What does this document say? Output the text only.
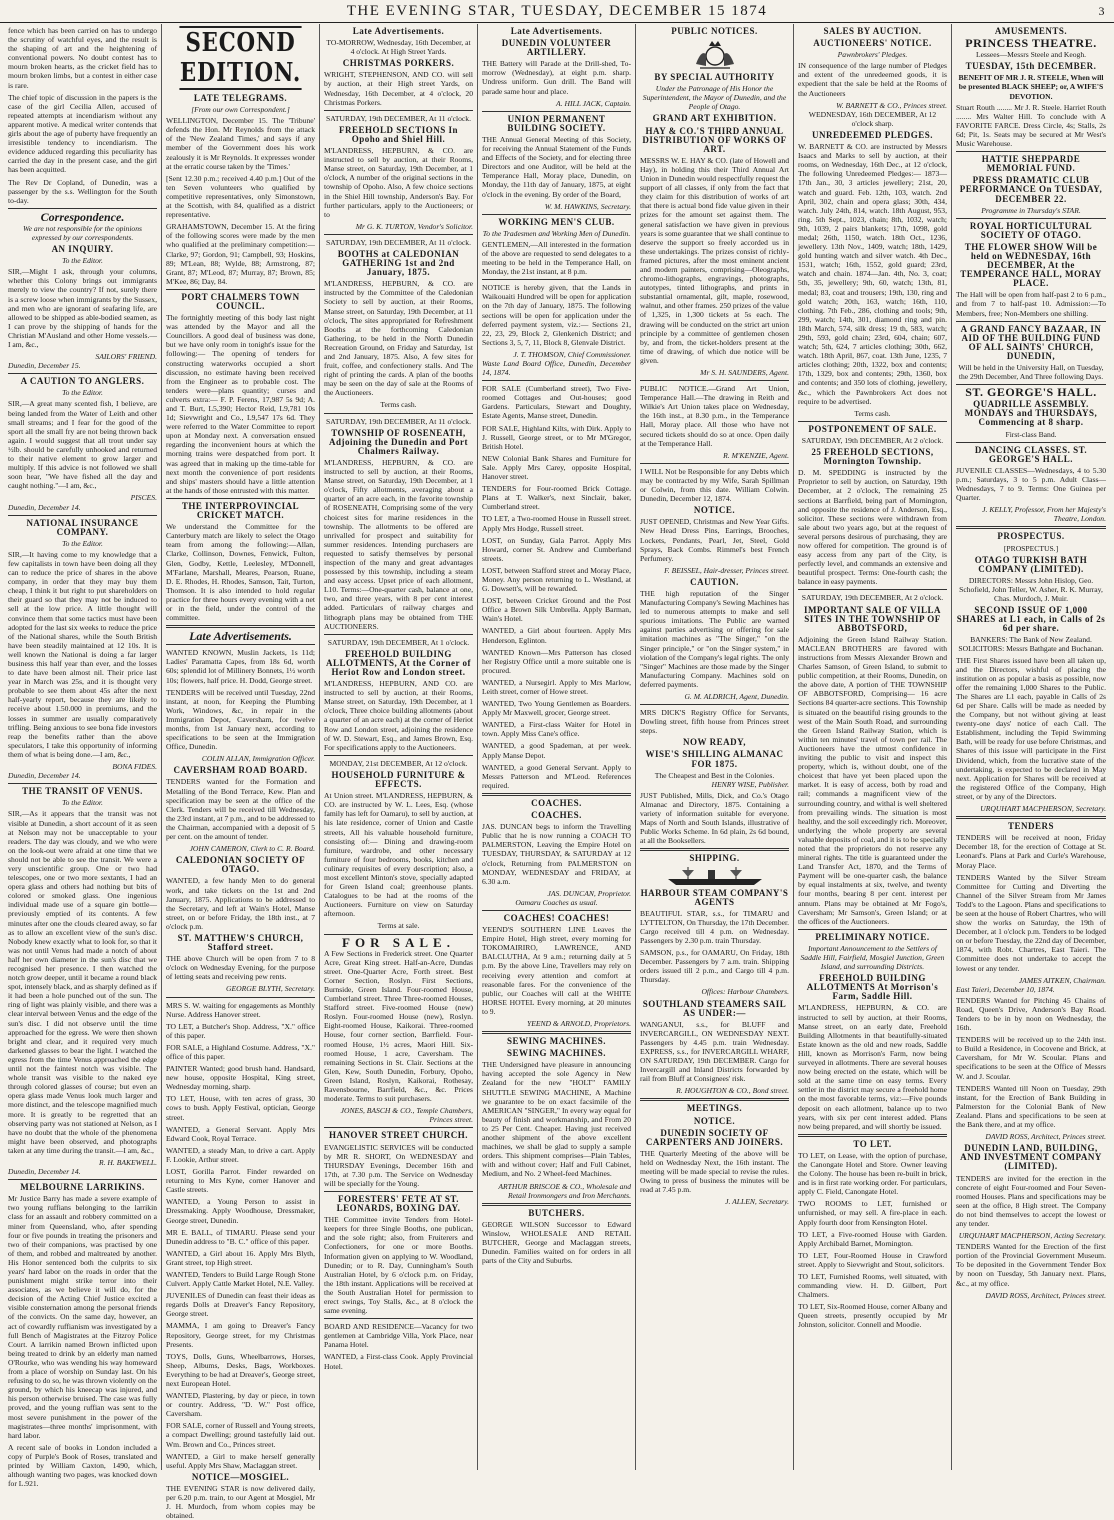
THE EVENING STAR, TUESDAY, DECEMBER 15 1874	3

fence which has been carried on has to undergo the scrutiny of watchful eyes, and the result is the shaping of art and the heightening of conventional powers. No doubt contest has to mourn broken hearts, as the cricket field has to mourn broken limbs, but a contest in either case is rare.

The chief topic of discussion in the papers is the case of the girl Cecilia Allen, accused of repeated attempts at incendiarism without any apparent motive. A medical writer contends that girls about the age of puberty have frequently an irresistible tendency to incendiarism. The evidence adduced regarding this peculiarity has carried the day in the present case, and the girl has been acquitted.

The Rev Dr Copland, of Dunedin, was a passenger by the s.s. Wellington for the South to-day.

Correspondence.
We are not responsible for the opinions expressed by our correspondents.
AN INQUIRY.
To the Editor.

SIR,—Might I ask, through your columns, whether this Colony brings out immigrants merely to view the country? If not, surely there is a screw loose when immigrants by the Sussex, and men who are ignorant of seafaring life, are allowed to be shipped as able-bodied seamen, as I can prove by the shipping of hands for the Christian M'Ausland and other Home vessels.—I am, &c.,

SAILORS' FRIEND.
Dunedin, December 15.
A CAUTION TO ANGLERS.
To the Editor.

SIR,—A great many scented fish, I believe, are being landed from the Water of Leith and other small streams; and I fear for the good of the sport all the small fry are not being thrown back again. I would suggest that all trout under say ½lb. should be carefully unhooked and returned to their native element to grow larger and multiply. If this advice is not followed we shall soon hear, "We have fished all the day and caught nothing."—I am, &c.,

PISCES.
Dunedin, December 14.
NATIONAL INSURANCE COMPANY.
To the Editor.

SIR,—It having come to my knowledge that a few capitalists in town have been doing all they can to reduce the price of shares in the above company, in order that they may buy them cheap, I think it but right to put shareholders on their guard so that they may not be induced to sell at the low price. A little thought will convince them that some tactics must have been adopted for the last six weeks to reduce the price of the National shares, while the South British have been steadily maintained at 12 10s. It is well known the National is doing a far larger business this half year than ever, and the losses to date have been almost nil. Their price last year in March was 25s, and it is thought very probable to see them about 45s after the next half-yearly report, because they are likely to receive about 1.50.000 in premiums, and the losses in summer are usually comparatively trifling. Being anxious to see bona fide investors reap the benefits rather than the above speculators, I take this opportunity of informing them of what is being done.—I am, &c.,

BONA FIDES.
Dunedin, December 14.
THE TRANSIT OF VENUS.
To the Editor.

SIR,—As it appears that the transit was not visible at Dunedin, a short account of it as seen at Nelson may not be unacceptable to your readers. The day was cloudy, and we who were on the look-out were afraid at one time that we should not be able to see the transit. We were a very unscientific group. One or two had telescopes, one or two more sextants, I had an opera glass and others had nothing but bits of colored or smoked glass. One ingenious individual made use of a square gin bottle—previously emptied of its contents. A few minutes after one the clouds cleared away, so far as to allow an excellent view of the sun's disc. Nobody knew exactly what to look for, so that it was not until Venus had made a notch of about half her own diameter in the sun's disc that we recognised her presence. I then watched the notch grow deeper, until it became a round black spot, intensely black, and as sharply defined as if it had been a hole punched out of the sun. The ring of light was plainly visible, and there was a clear interval between Venus and the edge of the sun's disc. I did not observe until the time approached for the egress. We were then shown bright and clear, and it required very much darkened glasses to bear the light. I watched the egress from the time Venus approached the edge until not the faintest notch was visible. The whole transit was visible to the naked eye through colored glasses of course; but even an opera glass made Venus look much larger and more distinct, and the telescope magnified much more. It is greatly to be regretted that an observing party was not stationed at Nelson, as I have no doubt that the whole of the phenomena might have been observed, and photographs taken at any time during the transit.—I am, &c.,

R. H. BAKEWELL.
Dunedin, December 14.
MELBOURNE LARRIKINS.

Mr Justice Barry has made a severe example of two young ruffians belonging to the larrikin class for an assault and robbery committed on a miner from Queensland, who, after spending four or five pounds in treating the prisoners and two of their companions, was practised by one of them, and robbed and maltreated by another. His Honor sentenced both the culprits to six years' hard labor on the roads in order that the punishment might strike terror into their associates, as we believe it will do, for the decision of the Acting Chief Justice excited a visible consternation among the personal friends of the convicts. On the same day, however, an act of cowardly ruffianism was investigated by a full Bench of Magistrates at the Fitzroy Police Court. A larrikin named Brown inflicted upon being treated to drink by an elderly man named O'Rourke, who was wending his way homeward from a place of worship on Sunday last. On his refusing to do so, he was thrown violently on the ground, by which his kneecap was injured, and his person otherwise bruised. The case was fully proved, and the young ruffian was sent to the most severe punishment in the power of the magistrates—three months' imprisonment, with hard labor.

A recent sale of books in London included a copy of Purple's Book of Roses, translated and printed by William Caxton, 1490, which, although wanting two pages, was knocked down for L.921.

SECOND EDITION.
LATE TELEGRAMS.
[From our own Correspondent.]

WELLINGTON, December 15. The 'Tribune' defends the Hon. Mr Reynolds from the attack of the 'New Zealand Times,' and says if any member of the Government does his work zealously it is Mr Reynolds. It expresses wonder at the erratic course taken by the 'Times.'

[Sent 12.30 p.m.; received 4.40 p.m.] Out of the ten Seven volunteers who qualified by competitive representatives, only Simonstown, at the Scottish, with 84, qualified as a district representative.

GRAHAMSTOWN, December 15. At the firing of the following scores were made by the men who qualified at the preliminary competition:—Clarke, 97; Gordon, 91; Campbell, 93; Hoskins, 89; M'Lean, 88; Wylde, 88; Armstrong, 87; Grant, 87; M'Leod, 87; Murray, 87; Brown, 85; M'Kee, 86; Day, 84.

PORT CHALMERS TOWN COUNCIL.

The fortnightly meeting of this body last night was attended by the Mayor and all the Councillors. A good deal of business was done, but we have only room in tonight's issue for the following:— The opening of tenders for constructing waterworks occupied a short discussion, no estimate having been received from the Engineer as to probable cost. The tenders were—plans quantity; curses and culverts extra:— F. P. Ferens, 17,987 5s 9d; A. and T. Burt, L5,390; Hector Reid, L9,781 10s 1d; Sievwright and Co., L9,547 17s 6d. They were referred to the Water Committee to report upon at Monday next. A conversation ensued regarding the inconvenient hours at which the morning trains were despatched from port. It was agreed that in making up the time-table for next month the convenience of port residents and ships' masters should have a little attention at the hands of those entrusted with this matter.

THE INTERPROVINCIAL CRICKET MATCH.

We understand the Committee for the Canterbury match are likely to select the Otago team from among the following:—Allan, Clarke, Collinson, Downes, Fenwick, Fulton, Glen, Godby, Kettle, Leelesley, M'Donnell, M'Farlane, Marshall, Meares, Pearson, Ruane, D. E. Rhodes, H. Rhodes, Samson, Tait, Turton, Thomson. It is also intended to hold regular practice for three hours every evening with a net or in the field, under the control of the committee.

Late Advertisements.

WANTED KNOWN, Muslin Jackets, 1s 11d; Ladies' Paramatta Capes, from 18s 6d, worth 60s; splendid lot of Millinery Bonnets, 1½ worth 10s; flowers, half price. H. Dodd, George street.

TENDERS will be received until Tuesday, 22nd instant, at noon, for Keeping the Plumbing Work, Windows, &c, in repair in the Immigration Depot, Caversham, for twelve months, from 1st January next, according to specifications to be seen at the Immigration Office, Dunedin.

COLIN ALLAN, Immigration Officer.
CAVERSHAM ROAD BOARD.

TENDERS wanted for the Formation and Metalling of the Bond Terrace, Kew. Plan and specification may be seen at the office of the Clerk. Tenders will be received till Wednesday, the 23rd instant, at 7 p.m., and to be addressed to the Chairman, accompanied with a deposit of 5 per cent. on the amount of tender.

JOHN CAMERON, Clerk to C. R. Board.
CALEDONIAN SOCIETY OF OTAGO.

WANTED, a few handy Men to do general work, and take tickets on the 1st and 2nd January, 1875. Applications to be addressed to the Secretary, and left at Wain's Hotel, Manse street, on or before Friday, the 18th inst., at 7 o'clock p.m.

ST. MATTHEW'S CHURCH, Stafford street.

THE above Church will be open from 7 to 8 o'clock on Wednesday Evening, for the purpose of letting seats and receiving pew rents.

GEORGE BLYTH, Secretary.

MRS S. W. waiting for engagements as Monthly Nurse. Address Hanover street.

TO LET, a Butcher's Shop. Address, "X." office of this paper.

FOR SALE, a Highland Costume. Address, "X." office of this paper.

PAINTER Wanted; good brush hand. Handsard, new house, opposite Hospital, King street, Wednesday morning, sharp.

TO LET, House, with ten acres of grass, 30 cows to bush. Apply Festival, optician, George street.

WANTED, a General Servant. Apply Mrs Edward Cook, Royal Terrace.

WANTED, a steady Man, to drive a cart. Apply F. Lookie, Arthur street.

LOST, Gorilla Parrot. Finder rewarded on returning to Mrs Kyne, corner Hanover and Castle streets.

WANTED, a Young Person to assist in Dressmaking. Apply Woodhouse, Dressmaker, George street, Dunedin.

MR E. BALL, of TIMARU. Please send your Dunedin address to "B. C." office of this paper.

WANTED, a Girl about 16. Apply Mrs Blyth, Grant street, top High street.

WANTED, Tenders to Build Large Rough Stone Culvert. Apply Cattle Market Hotel, N.E. Valley.

JUVENILES of Dunedin can feast their ideas as regards Dolls at Dreaver's Fancy Repository, George street.

MAMMA, I am going to Dreaver's Fancy Repository, George street, for my Christmas Presents.

TOYS, Dolls, Guns, Wheelbarrows, Horses, Sheep, Albums, Desks, Bags, Workboxes. Everything to be had at Dreaver's, George street, next European Hotel.

WANTED, Plastering, by day or piece, in town or country. Address, "D. W." Post office, Caversham.

FOR SALE, corner of Russell and Young streets, a compact Dwelling; ground tastefully laid out. Wm. Brown and Co., Princes street.

WANTED, a Girl to make herself generally useful. Apply Mrs Shaw, Maclaggan street.

NOTICE—MOSGIEL.

THE EVENING STAR is now delivered daily, per 6.20 p.m. train, to our Agent at Mosgiel, Mr J. H. Murdoch, from whom copies may be obtained.

Late Advertisements.
TO-MORROW, Wednesday, 16th December, at 4 o'clock. At High Street Yards.
CHRISTMAS PORKERS.

WRIGHT, STEPHENSON, AND CO. will sell by auction, at their High street Yards, on Wednesday, 16th December, at 4 o'clock, 20 Christmas Porkers.

SATURDAY, 19th DECEMBER, At 11 o'clock.
FREEHOLD SECTIONS In Opoho and Shiel Hill.

M'LANDRESS, HEPBURN, & CO. are instructed to sell by auction, at their Rooms, Manse street, on Saturday, 19th December, at 1 o'clock, A number of the original sections in the township of Opoho. Also, A few choice sections in the Shiel Hill township, Anderson's Bay. For further particulars, apply to the Auctioneers; or to

Mr G. K. TURTON, Vendor's Solicitor.
SATURDAY, 19th DECEMBER, At 11 o'clock.
BOOTHS at CALEDONIAN GATHERING 1st and 2nd January, 1875.

M'LANDRESS, HEPBURN, & CO. are instructed by the Committee of the Caledonian Society to sell by auction, at their Rooms, Manse street, on Saturday, 19th December, at 11 o'clock, The sites appropriated for Refreshment Booths at the forthcoming Caledonian Gathering, to be held in the North Dunedin Recreation Ground, on Friday and Saturday, 1st and 2nd January, 1875. Also, A few sites for fruit, coffee, and confectionery stalls. And The right of printing the cards. A plan of the booths may be seen on the day of sale at the Rooms of the Auctioneers.

Terms cash.
SATURDAY, 19th DECEMBER, At 11 o'clock.
TOWNSHIP OF ROSENEATH, Adjoining the Dunedin and Port Chalmers Railway.

M'LANDRESS, HEPBURN, & CO. are instructed to sell by auction, at their Rooms, Manse street, on Saturday, 19th December, at 1 o'clock, Fifty allotments, averaging about a quarter of an acre each, in the favorite township of ROSENEATH, Comprising some of the very choicest sites for marine residences in the township. The allotments to be offered are unrivalled for prospect and suitability for summer residences. Intending purchasers are requested to satisfy themselves by personal inspection of the many and great advantages possessed by this township, including a steam and easy access. Upset price of each allotment, L10. Terms:—One-quarter cash, balance at one, two, and three years, with 8 per cent interest added. Particulars of railway charges and lithograph plans may be obtained from THE AUCTIONEERS.

SATURDAY, 19th DECEMBER, At 1 o'clock.
FREEHOLD BUILDING ALLOTMENTS, At the Corner of Heriot Row and London street.

M'LANDRESS, HEPBURN, AND CO. are instructed to sell by auction, at their Rooms, Manse street, on Saturday, 19th December, at 1 o'clock, Three choice building allotments (about a quarter of an acre each) at the corner of Heriot Row and London street, adjoining the residence of W. D. Stewart, Esq., and James Brown, Esq. For specifications apply to the Auctioneers.

MONDAY, 21st DECEMBER, At 12 o'clock.
HOUSEHOLD FURNITURE & EFFECTS.

At Union street. M'LANDRESS, HEPBURN, & CO. are instructed by W. L. Lees, Esq. (whose family has left for Oamaru), to sell by auction, at his late residence, corner of Union and Castle streets, All his valuable household furniture, consisting of:— Dining and drawing-room furniture, wardrobe, and other necessary furniture of four bedrooms, books, kitchen and culinary requisites of every description; also, a most excellent Minton's stove, specially adapted for Green Island coal; greenhouse plants. Catalogues to be had at the rooms of the Auctioneers. Furniture on view on Saturday afternoon.

Terms at sale.
FOR SALE.

A Few Sections in Frederick street. One Quarter Acre, Great King street. Half-an-Acre, Dundas street. One-Quarter Acre, Forth street. Best Corner Section, Roslyn. First Sections, Burnside, Green Island. Four-roomed House, Cumberland street. Three Three-roomed Houses, Stafford street. Five-roomed House (new) Roslyn. Four-roomed House (new), Roslyn. Eight-roomed House, Kaikorai. Three-roomed House, four corner section, Barrfield. Four-roomed House, 1½ acres, Maori Hill. Six-roomed House, 1 acre, Caversham. The remaining Sections in St. Clair. Sections at the Glen, Kew, South Dunedin, Forbury, Opoho, Green Island, Roslyn, Kaikorai, Rothesay, Ravensbourne, Barrfield, &c., &c. Prices moderate. Terms to suit purchasers.

JONES, BASCH & CO., Temple Chambers, Princes street.
HANOVER STREET CHURCH.

EVANGELISTIC SERVICES will be conducted by MR R. SHORT, On WEDNESDAY and THURSDAY Evenings, December 16th and 17th, at 7.30 p.m. The Service on Wednesday will be specially for the Young.

FORESTERS' FETE AT ST. LEONARDS, BOXING DAY.

THE Committee invite Tenders from Hotel-keepers for three Single Booths, one publican, and the sole right; also, from Fruiterers and Confectioners, for one or more Booths. Information given on applying to W. Woodland, Dunedin; or to R. Day, Cunningham's South Australian Hotel, by 6 o'clock p.m. on Friday, the 18th instant. Applications will be received at the South Australian Hotel for permission to erect swings, Toy Stalls, &c., at 8 o'clock the same evening.

BOARD AND RESIDENCE—Vacancy for two gentlemen at Cambridge Villa, York Place, near Panama Hotel.

WANTED, a First-class Cook. Apply Provincial Hotel.

Late Advertisements.
DUNEDIN VOLUNTEER ARTILLERY.

THE Battery will Parade at the Drill-shed, To-morrow (Wednesday), at eight p.m. sharp. Undress uniform. Gun drill. The Band will parade same hour and place.

A. HILL JACK, Captain.
UNION PERMANENT BUILDING SOCIETY.

THE Annual General Meeting of this Society, for receiving the Annual Statement of the Funds and Effects of the Society, and for electing three Directors and one Auditor, will be held at the Temperance Hall, Moray place, Dunedin, on Monday, the 11th day of January, 1875, at eight o'clock in the evening. By order of the Board,

W. M. HAWKINS, Secretary.
WORKING MEN'S CLUB.
To the Tradesmen and Working Men of Dunedin.

GENTLEMEN,—All interested in the formation of the above are requested to send delegates to a meeting to be held in the Temperance Hall, on Monday, the 21st instant, at 8 p.m.

NOTICE is hereby given, that the Lands in Waikouaiti Hundred will be open for application on the 7th day of January, 1875. The following sections will be open for application under the deferred payment system, viz.:— Sections 21, 22, 23, 29, Block 2, Glenkenich District; and Sections 3, 5, 7, 11, Block 8, Glenvale District.

J. T. THOMSON, Chief Commissioner.
Waste Land Board Office, Dunedin, December 14, 1874.

FOR SALE (Cumberland street), Two Five-roomed Cottages and Out-houses; good Gardens. Particulars, Stewart and Doughty, Estate Agents, Manse street, Dunedin.

FOR SALE, Highland Kilts, with Dirk. Apply to J. Russell, George street, or to Mr M'Gregor, British Hotel.

NEW Colonial Bank Shares and Furniture for Sale. Apply Mrs Carey, opposite Hospital, Hanover street.

TENDERS for Four-roomed Brick Cottage. Plans at T. Walker's, next Sinclair, baker, Cumberland street.

TO LET, a Two-roomed House in Russell street. Apply Mrs Hodge, Russell street.

LOST, on Sunday, Gala Parrot. Apply Mrs Howard, corner St. Andrew and Cumberland streets.

LOST, between Stafford street and Moray Place, Money. Any person returning to L. Westland, at G. Dowsett's, will be rewarded.

LOST, between Cricket Ground and the Post Office a Brown Silk Umbrella. Apply Barman, Wain's Hotel.

WANTED, a Girl about fourteen. Apply Mrs Henderson, Eglinton.

WANTED Known—Mrs Patterson has closed her Registry Office until a more suitable one is procured.

WANTED, a Nursegirl. Apply to Mrs Marlow, Leith street, corner of Howe street.

WANTED, Two Young Gentlemen as Boarders. Apply Mr Maxwell, grocer, George street.

WANTED, a First-class Waiter for Hotel in town. Apply Miss Cane's office.

WANTED, a good Spademan, at per week. Apply Manse Depot.

WANTED, a good General Servant. Apply to Messrs Patterson and M'Leod. References required.

COACHES.
COACHES.

JAS. DUNCAN begs to inform the Travelling Public that he is now running a COACH TO PALMERSTON, Leaving the Empire Hotel on TUESDAY, THURSDAY, & SATURDAY at 12 o'clock, Returning from PALMERSTON on MONDAY, WEDNESDAY and FRIDAY, at 6.30 a.m.

JAS. DUNCAN, Proprietor.
Oamaru Coaches as usual.
COACHES! COACHES!

YEEND'S SOUTHERN LINE Leaves the Empire Hotel, High street, every morning for TOKOMAIRIRO, LAWRENCE, AND BALCLUTHA, At 9 a.m.; returning daily at 5 p.m. By the above Line, Travellers may rely on receiving every attention and comfort at reasonable fares. For the convenience of the public, our Coaches will call at the WHITE HORSE HOTEL Every morning, at 20 minutes to 9.

YEEND & ARNOLD, Proprietors.
SEWING MACHINES.
SEWING MACHINES.

THE Undersigned have pleasure in announcing having accepted the sole Agency in New Zealand for the new "HOLT" FAMILY SHUTTLE SEWING MACHINE, A Machine we guarantee to be on exact facsimile of the AMERICAN "SINGER," In every way equal for beauty of finish and workmanship, and From 20 to 25 Per Cent. Cheaper. Having just received another shipment of the above excellent machines, we shall be glad to supply a sample orders. This shipment comprises—Plain Tables, with and without cover; Half and Full Cabinet, Medium, and No. 2 Wheel-feed Machines.

ARTHUR BRISCOE & CO., Wholesale and Retail Ironmongers and Iron Merchants.
BUTCHERS.

GEORGE WILSON Successor to Edward Winslow, WHOLESALE AND RETAIL BUTCHER, George and Maclaggan streets, Dunedin. Families waited on for orders in all parts of the City and Suburbs.

PUBLIC NOTICES.
BY SPECIAL AUTHORITY
Under the Patronage of His Honor the Superintendent, the Mayor of Dunedin, and the People of Otago.
GRAND ART EXHIBITION.
HAY & CO.'S THIRD ANNUAL DISTRIBUTION OF WORKS OF ART.

MESSRS W. E. HAY & CO. (late of Howell and Hay), in holding this their Third Annual Art Union in Dunedin would respectfully request the support of all classes, if only from the fact that they claim for this distribution of works of art that there is actual bond fide value given in their prizes for the amount set against them. The general satisfaction we have given in previous years is some guarantee that we shall continue to deserve the support so freely accorded us in these undertakings. The prizes consist of richly-framed pictures, after the most eminent ancient and modern painters, comprising—Oleographs, chromo-lithographs, engravings, photographs, autotypes, tinted lithographs, and prints in substantial ornamental, gilt, maple, rosewood, walnut, and other frames. 250 prizes of the value of 1,325, in 1,300 tickets at 5s each. The drawing will be conducted on the strict art union principle by a committee of gentlemen chosen by, and from, the ticket-holders present at the time of drawing, of which due notice will be given.

Mr S. H. SAUNDERS, Agent.

PUBLIC NOTICE.—Grand Art Union, Temperance Hall.—The drawing in Reith and Wilkie's Art Union takes place on Wednesday, the 16th inst., at 8.30 p.m., in the Temperance Hall, Moray place. All those who have not secured tickets should do so at once. Open daily at the Temperance Hall.

R. M'KENZIE, Agent.

I WILL Not be Responsible for any Debts which may be contracted by my Wife, Sarah Spillman or Colwin, from this date. William Colwin. Dunedin, December 12, 1874.

NOTICE.

JUST OPENED, Christmas and New Year Gifts. New Head Dress Pins, Earrings, Brooches, Lockets, Pendants, Pearl, Jet, Steel, Gold Sprays, Back Combs. Rimmel's best French Perfumery.

F. BEISSEL, Hair-dresser, Princes street.
CAUTION.

THE high reputation of the Singer Manufacturing Company's Sewing Machines has led to numerous attempts to make and sell spurious imitations. The Public are warned against parties advertising or offering for sale imitation machines as "The Singer," "on the Singer principle," or "on the Singer system," in violation of the Company's legal rights. The only "Singer" Machines are those made by the Singer Manufacturing Company. Machines sold on deferred payments.

G. M. ALDRICH, Agent, Dunedin.

MRS DICK'S Registry Office for Servants, Dowling street, fifth house from Princes street steps.

NOW READY,
WISE'S SHILLING ALMANAC FOR 1875.
The Cheapest and Best in the Colonies.
HENRY WISE, Publisher.

JUST Published, Mills, Dick, and Co.'s Otago Almanac and Directory, 1875. Containing a variety of information suitable for everyone. Maps of North and South Islands, illustrative of Public Works Scheme. In 6d plain, 2s 6d bound, at all the Booksellers.

SHIPPING.
HARBOUR STEAM COMPANY'S AGENTS

BEAUTIFUL STAR, s.s., for TIMARU and LYTTELTON, On Thursday, the 17th December. Cargo received till 4 p.m. on Wednesday. Passengers by 2.30 p.m. train Thursday.

SAMSON, p.s., for OAMARU, On Friday, 18th December. Passengers by 7 a.m. train. Shipping orders issued till 2 p.m., and Cargo till 4 p.m. Thursday.

Offices: Harbour Chambers.
SOUTHLAND STEAMERS SAIL AS UNDER:—

WANGANUI, s.s., for BLUFF and INVERCARGILL, ON WEDNESDAY NEXT. Passengers by 4.45 p.m. train Wednesday. EXPRESS, s.s., for INVERCARGILL WHARF, ON SATURDAY, 19th DECEMBER. Cargo for Invercargill and Inland Districts forwarded by rail from Bluff at Consignees' risk.

R. HOUGHTON & CO., Bond street.
MEETINGS.
NOTICE.
DUNEDIN SOCIETY OF CARPENTERS AND JOINERS.

THE Quarterly Meeting of the above will be held on Wednesday Next, the 16th instant. The meeting will be made special to revise the rules. Owing to press of business the minutes will be read at 7.45 p.m.

J. ALLEN, Secretary.
SALES BY AUCTION.
AUCTIONEERS' NOTICE.
Pawnbrokers' Pledges.

IN consequence of the large number of Pledges and extent of the unredeemed goods, it is expedient that the sale be held at the Rooms of the Auctioneers

W. BARNETT & CO., Princes street.
WEDNESDAY, 16th DECEMBER, At 12 o'clock sharp.
UNREDEEMED PLEDGES.

W. BARNETT & CO. are instructed by Messrs Isaacs and Marks to sell by auction, at their rooms, on Wednesday, 16th Dec., at 12 o'clock, The following Unredeemed Pledges:— 1873—17th Jan., 30, 3 articles jewellery; 21st, 20, watch and guard. Feb. 12th, 103, watch. 2nd April, 302, chain and opera glass; 30th, 434, watch. July 24th, 814, watch. 18th August, 953, ring. 5th Sept., 1023, chain; 8th, 1032, watch; 9th, 1039, 2 pairs blankets; 17th, 1098, gold medal; 26th, 1150, watch. 18th Oct., 1236, jewellery. 13th Nov., 1409, watch; 18th, 1429, gold hunting watch and silver watch. 4th Dec., 1531, watch; 16th, 1552, gold guard; 23rd, watch and chain. 1874—Jan. 4th, No. 3, coat; 5th, 35, jewellery; 9th, 60, watch; 13th, 81, medal; 83, coat and trousers; 19th, 130, ring and gold watch; 20th, 163, watch; 16th, 110, clothing. 7th Feb., 286, clothing and tools; 9th, 299, watch; 14th, 301, diamond ring and pin. 18th March, 574, silk dress; 19 th, 583, watch; 29th, 593, gold chain; 23rd, 604, chain; 607, watch; 5th, 624, 7 articles clothing; 30th, 662, watch. 18th April, 867, coat. 13th June, 1235, 7 articles clothing; 20th, 1322, box and contents; 17th, 1329, box and contents; 29th, 1360, box and contents; and 350 lots of clothing, jewellery, &c., which the Pawnbrokers Act does not require to be advertised.

Terms cash.
POSTPONEMENT OF SALE.
SATURDAY, 19th DECEMBER, At 2 o'clock.
25 FREEHOLD SECTIONS, Mornington Township.

D. M. SPEDDING is instructed by the Proprietor to sell by auction, on Saturday, 19th December, at 2 o'clock, The remaining 25 sections at Barrfield, being part of Mornington, and opposite the residence of J. Anderson, Esq., solicitor. These sections were withdrawn from sale about two years ago, but at the request of several persons desirous of purchasing, they are now offered for competition. The ground is of easy access from any part of the City, is perfectly level, and commands an extensive and beautiful prospect. Terms: One-fourth cash; the balance in easy payments.

SATURDAY, 19th DECEMBER, At 2 o'clock.
IMPORTANT SALE OF VILLA SITES IN THE TOWNSHIP OF ABBOTSFORD,

Adjoining the Green Island Railway Station. MACLEAN BROTHERS are favored with instructions from Messrs Alexander Brown and Charles Samson, of Green Island, to submit to public competition, at their Rooms, Dunedin, on the above date, A portion of THE TOWNSHIP OF ABBOTSFORD, Comprising— 16 acre Sections 84 quarter-acre sections. This Township is situated on the beautiful rising grounds to the west of the Main South Road, and surrounding the Green Island Railway Station, which is within ten minutes' travel of town per rail. The Auctioneers have the utmost confidence in inviting the public to visit and inspect this property, which is, without doubt, one of the choicest that have yet been placed upon the market. It is easy of access, both by road and rail; commands a magnificent view of the surrounding country, and withal is well sheltered from prevailing winds. The situation is most healthy, and the soil exceedingly rich. Moreover, underlying the whole property are several valuable deposits of coal, and it is to be specially noted that the proprietors do not reserve any mineral rights. The title is guaranteed under the Land Transfer Act, 1870, and the Terms of Payment will be one-quarter cash, the balance by equal instalments at six, twelve, and twenty four months, bearing 8 per cent. interest per annum. Plans may be obtained at Mr Fogo's, Caversham; Mr Samson's, Green Island; or at the offices of the Auctioneers.

PRELIMINARY NOTICE.
Important Announcement to the Settlers of Saddle Hill, Fairfield, Mosgiel Junction, Green Island, and surrounding Districts.
FREEHOLD BUILDING ALLOTMENTS At Morrison's Farm, Saddle Hill.

M'LANDRESS, HEPBURN, & CO. are instructed to sell by auction, at their Rooms, Manse street, on an early date, Freehold Building Allotments in that beautifully-situated Estate known as the old and new roads, Saddle Hill, known as Morrison's Farm, now being surveyed in allotments. There are several houses now being erected on the estate, which will be sold at the same time on easy terms. Every settler in the district may secure a freehold home on the most favorable terms, viz:—Five pounds deposit on each allotment, balance up to two years, with six per cent interest added. Plans now being prepared, and will shortly be issued.

TO LET.

TO LET, on Lease, with the option of purchase, the Canongate Hotel and Store. Owner leaving the Colony. The house has been re-built in brick, and is in first rate working order. For particulars, apply C. Field, Canongate Hotel.

TWO ROOMS to LET, furnished or unfurnished, or may sell. A fire-place in each. Apply fourth door from Kensington Hotel.

TO LET, a Five-roomed House with Garden. Apply Archibald Barnet, Mornington.

TO LET, Four-Roomed House in Crawford street. Apply to Sievwright and Stout, solicitors.

TO LET, Furnished Rooms, well situated, with commanding view. H. D. Gilbert, Port Chalmers.

TO LET, Six-Roomed House, corner Albany and Queen streets, presently occupied by Mr Johnston, solicitor. Connell and Moodie.

AMUSEMENTS.
PRINCESS THEATRE.
Lessees—Messrs Steele and Keogh.
TUESDAY, 15th DECEMBER.
BENEFIT OF MR J. R. STEELE, When will be presented BLACK SHEEP; or, A WIFE'S DEVOTION.

Stuart Routh ........ Mr J. R. Steele. Harriet Routh ........ Mrs Walter Hill. To conclude with A FAVORITE FARCE. Dress Circle, 4s; Stalls, 2s 6d; Pit, 1s. Seats may be secured at Mr West's Music Warehouse.

HATTIE SHEPPARDE MEMORIAL FUND.
PRESS DRAMATIC CLUB PERFORMANCE On TUESDAY, DECEMBER 22.
Programme in Thursday's STAR.
ROYAL HORTICULTURAL SOCIETY OF OTAGO.
THE FLOWER SHOW Will be held on WEDNESDAY, 16th DECEMBER, At the TEMPERANCE HALL, MORAY PLACE.

The Hall will be open from half-past 2 to 6 p.m., and from 7 to half-past 10. Admission:—To Members, free; Non-Members one shilling.

A GRAND FANCY BAZAAR, IN AID OF THE BUILDING FUND OF ALL SAINTS' CHURCH, DUNEDIN,

Will be held in the University Hall, on Tuesday, the 29th December, And Three following Days.

ST. GEORGE'S HALL.
QUADRILLE ASSEMBLY. MONDAYS and THURSDAYS, Commencing at 8 sharp.
First-class Band.
DANCING CLASSES. ST. GEORGE'S HALL.

JUVENILE CLASSES—Wednesdays, 4 to 5.30 p.m.; Saturdays, 3 to 5 p.m. Adult Class—Wednesdays, 7 to 9. Terms: One Guinea per Quarter.

J. KELLY, Professor, From her Majesty's Theatre, London.
PROSPECTUS.
[PROSPECTUS.]
OTAGO TURKISH BATH COMPANY (LIMITED).

DIRECTORS: Messrs John Hislop, Geo. Schofield, John Teller, W. Asher, R. K. Murray, Chas. Murdoch, J. Muir.

SECOND ISSUE OF 1,000 SHARES at L1 each, in Calls of 2s 6d per share.
BANKERS: The Bank of New Zealand.
SOLICITORS: Messrs Bathgate and Buchanan.

THE First Shares issued have been all taken up, and the Directors, wishful of placing the institution on as popular a basis as possible, now offer the remaining 1,000 Shares to the Public. The Shares are L1 each, payable in Calls of 2s 6d per Share. Calls will be made as needed by the Company, but not without giving at least twenty-one days' notice of each Call. The Establishment, including the Tepid Swimming Bath, will be ready for use before Christmas, and Shares of this issue will participate in the First Dividend, which, from the lucrative state of the undertaking, is expected to be declared in May next. Application for Shares will be received at the registered Office of the Company, High street, or by any of the Directors.

URQUHART MACPHERSON, Secretary.
TENDERS

TENDERS will be received at noon, Friday December 18, for the erection of Cottage at St. Leonard's. Plans at Park and Curle's Warehouse, Moray Place.

TENDERS Wanted by the Silver Stream Committee for Cutting and Diverting the Channel of the Silver Stream from Mr James Todd's to the Lagoon. Plans and specifications to be seen at the house of Robert Chartres, who will show the works on Saturday, the 19th of December, at 1 o'clock p.m. Tenders to be lodged on or before Tuesday, the 22nd day of December, 1874, with Robt. Chartres, East Taieri. The Committee does not undertake to accept the lowest or any tender.

JAMES AITKEN, Chairman.
East Taieri, December 10, 1874.

TENDERS Wanted for Pitching 45 Chains of Road, Queen's Drive, Anderson's Bay Road. Tenders to be in by noon on Wednesday, the 16th.

TENDERS will be received up to the 24th inst. to Build a Residence, in Cocovene and Brick, at Caversham, for Mr W. Scoular. Plans and specifications to be seen at the Office of Messrs W. and J. Scoular.

TENDERS Wanted till Noon on Tuesday, 29th instant, for the Erection of Bank Building in Palmerston for the Colonial Bank of New Zealand. Plans and specifications to be seen at the Bank there, and at my office.

DAVID ROSS, Architect, Princes street.
DUNEDIN LAND, BUILDING, AND INVESTMENT COMPANY (LIMITED).

TENDERS are invited for the erection in the concrete of eight Four-roomed and Four Seven-roomed Houses. Plans and specifications may be seen at the office, 8 High street. The Company do not bind themselves to accept the lowest or any tender.

URQUHART MACPHERSON, Acting Secretary.

TENDERS Wanted for the Erection of the first portion of the Provincial Government Museum. To be deposited in the Government Tender Box by noon on Tuesday, 5th January next. Plans, &c., at my office.

DAVID ROSS, Architect, Princes street.
